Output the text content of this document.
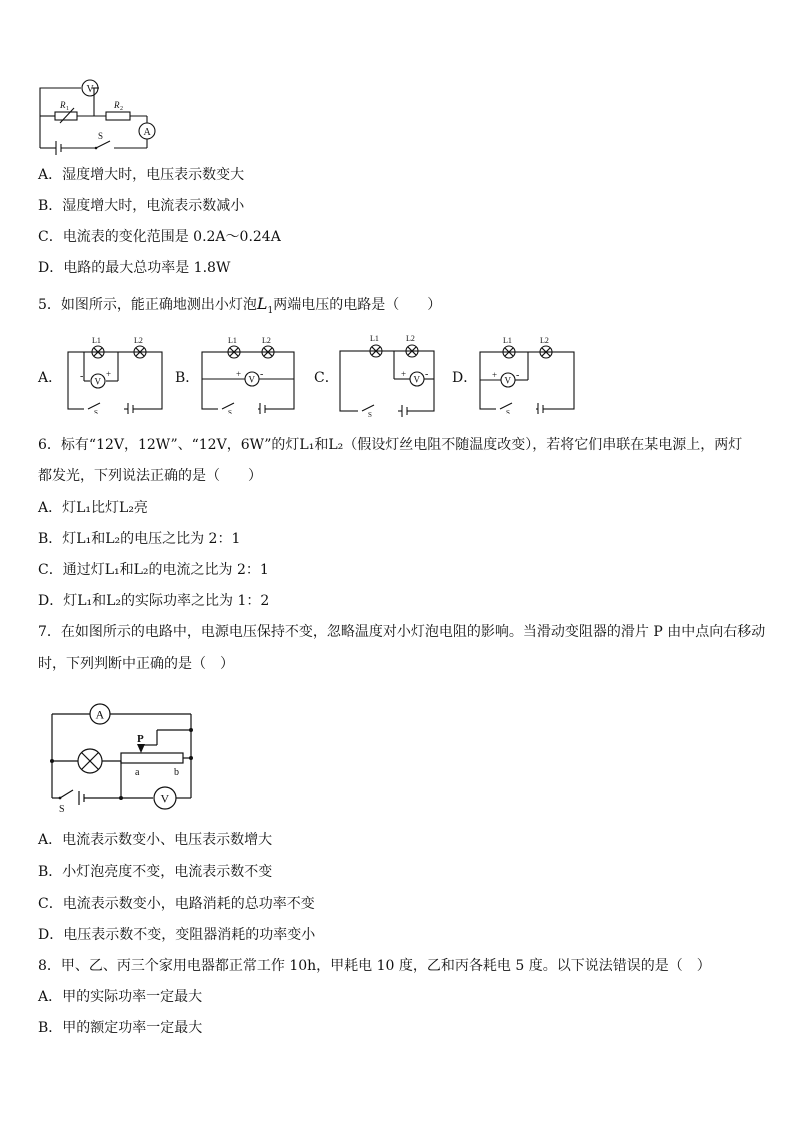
V
R 1	R 2
A
S
A．湿度增大时，电压表示数变大
B．湿度增大时，电流表示数减小
C．电流表的变化范围是 0.2A～0.24A
D．电路的最大总功率是 1.8W
5．如图所示，能正确地测出小灯泡$L_1$两端电压的电路是（　　）
A．	B．	C．	D．
L1	L2
V
-	+
S
L1	L2
V
+ -
S
L1	L2
V
+ -
S
L1	L2
V
+ -
S
6．标有“12V，12W”、“12V，6W”的灯L₁和L₂（假设灯丝电阻不随温度改变），若将它们串联在某电源上，两灯
都发光，下列说法正确的是（　　）
A．灯L₁比灯L₂亮
B．灯L₁和L₂的电压之比为 2：1
C．通过灯L₁和L₂的电流之比为 2：1
D．灯L₁和L₂的实际功率之比为 1：2
7．在如图所示的电路中，电源电压保持不变，忽略温度对小灯泡电阻的影响。当滑动变阻器的滑片 P 由中点向右移动
时，下列判断中正确的是（　）
A
V
P
a	b
S
A．电流表示数变小、电压表示数增大
B．小灯泡亮度不变，电流表示数不变
C．电流表示数变小，电路消耗的总功率不变
D．电压表示数不变，变阻器消耗的功率变小
8．甲、乙、丙三个家用电器都正常工作 10h，甲耗电 10 度，乙和丙各耗电 5 度。以下说法错误的是（　）
A．甲的实际功率一定最大
B．甲的额定功率一定最大
